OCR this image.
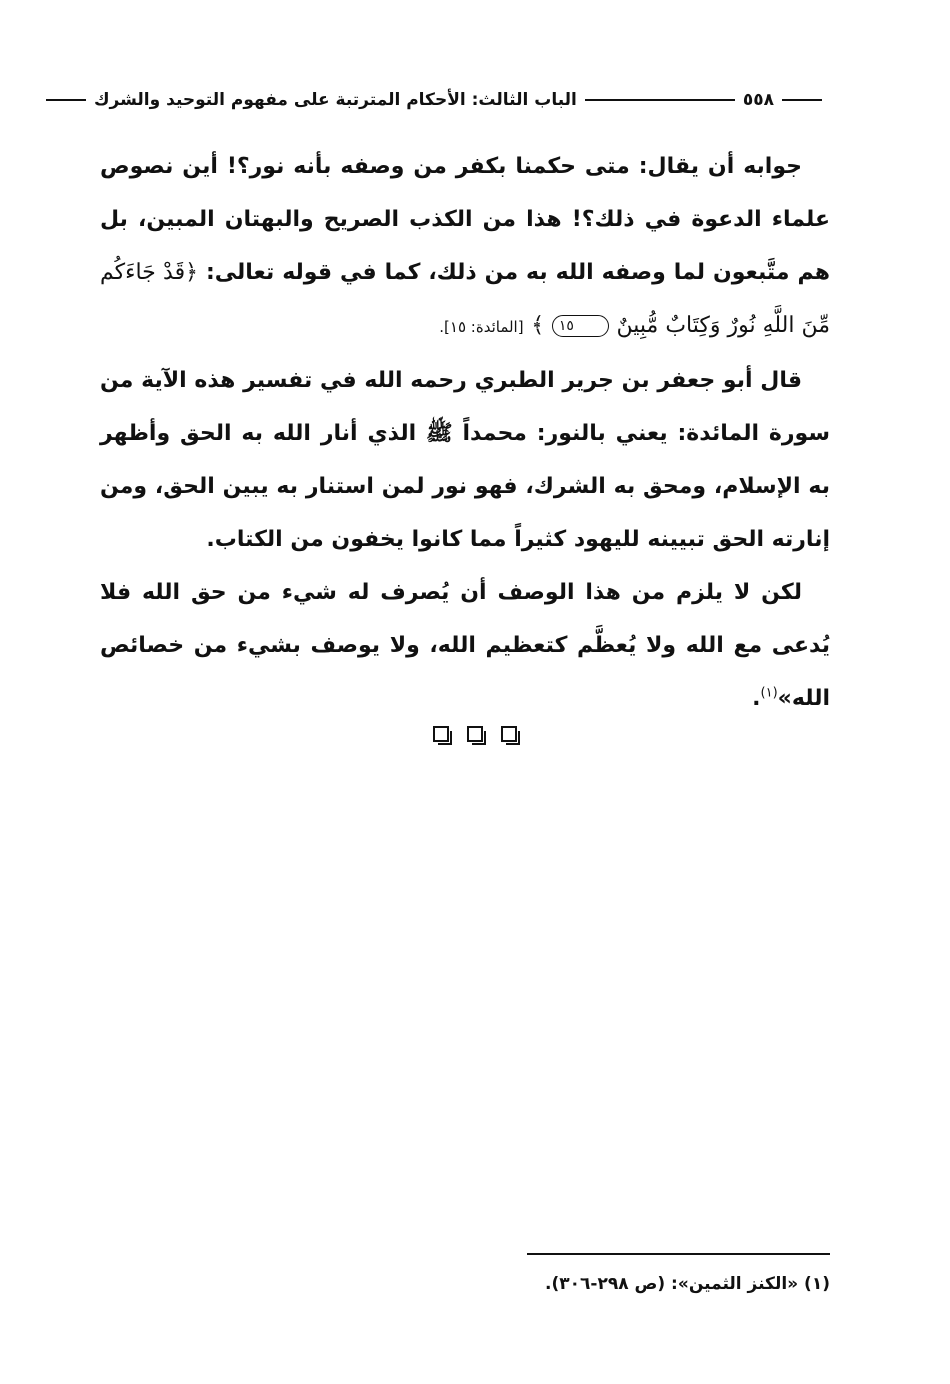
٥٥٨
الباب الثالث: الأحكام المترتبة على مفهوم التوحيد والشرك

جوابه أن يقال: متى حكمنا بكفر من وصفه بأنه نور؟! أين نصوص علماء الدعوة في ذلك؟! هذا من الكذب الصريح والبهتان المبين، بل هم متَّبعون لما وصفه الله به من ذلك، كما في قوله تعالى: ﴿قَدْ جَاءَكُم مِّنَ اللَّهِ نُورٌ وَكِتَابٌ مُّبِينٌ ١٥ ﴾ [المائدة: ١٥].

قال أبو جعفر بن جرير الطبري رحمه الله في تفسير هذه الآية من سورة المائدة: يعني بالنور: محمداً ﷺ الذي أنار الله به الحق وأظهر به الإسلام، ومحق به الشرك، فهو نور لمن استنار به يبين الحق، ومن إنارته الحق تبيينه لليهود كثيراً مما كانوا يخفون من الكتاب.

لكن لا يلزم من هذا الوصف أن يُصرف له شيء من حق الله فلا يُدعى مع الله ولا يُعظَّم كتعظيم الله، ولا يوصف بشيء من خصائص الله»$^{(١)}$.

(١) «الكنز الثمين»: (ص ٢٩٨-٣٠٦).
